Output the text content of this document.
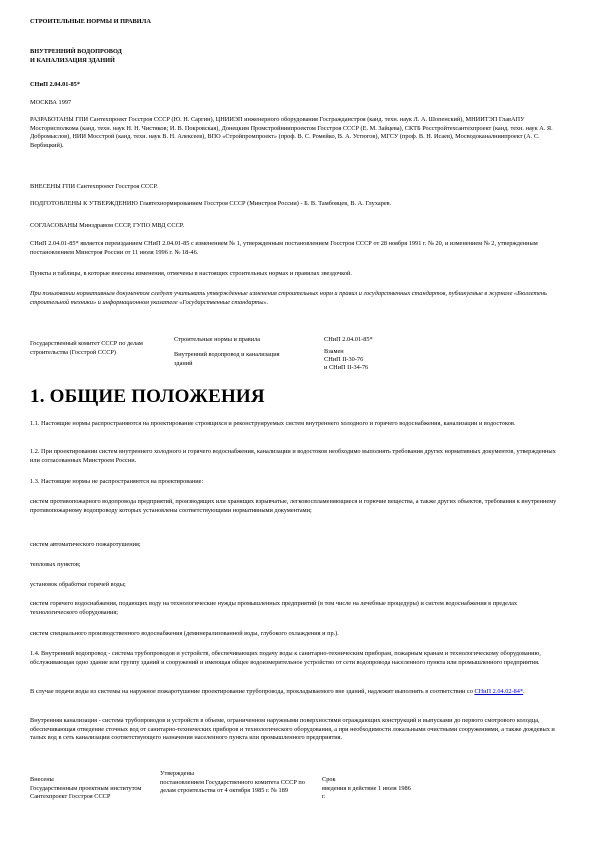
СТРОИТЕЛЬНЫЕ НОРМЫ И ПРАВИЛА
ВНУТРЕННИЙ ВОДОПРОВОД
И КАНАЛИЗАЦИЯ ЗДАНИЙ
СНиП 2.04.01-85*
МОСКВА 1997

РАЗРАБОТАНЫ ГПИ Сантехпроект Госстроя СССР (Ю. Н. Саргин), ЦНИИЭП инженерного оборудования Госгражданстроя (канд. техн. наук Л. А. Шопенский), МНИИТЭП ГлавАПУ Мосгорисполкома (канд. техн. наук Н. Н. Чистяков; И. В. Покровская), Донецким Промстройниипроектом Госстроя СССР (Е. М. Зайцева), СКТБ Росстройтехсантехпроект (канд. техн. наук А. Я. Добромыслов), НИИ Мосстрой (канд. техн. наук В. Н. Алексеев), ВПО «Стройпромпроект» (проф. В. С. Ромейко, В. А. Устюгов), МГСУ (проф. В. Н. Исаев), Мосводоканалниипроект (А. С. Вербицкий).

ВНЕСЕНЫ ГПИ Сантехпроект Госстроя СССР.

ПОДГОТОВЛЕНЫ К УТВЕРЖДЕНИЮ Главтехнормированием Госстроя СССР (Минстроя России) - Б. В. Тамбовцев, В. А. Глухарев.

СОГЛАСОВАНЫ Минздравом СССР, ГУПО МВД СССР.

СНиП 2.04.01-85* является переизданием СНиП 2.04.01-85 с изменением № 1, утвержденным постановлением Госстроя СССР от 28 ноября 1991 г. № 20, и изменением № 2, утвержденным постановлением Минстроя России от 11 июля 1996 г. № 18-46.

Пункты и таблицы, в которые внесены изменения, отмечены в настоящих строительных нормах и правилах звездочкой.

При пользовании нормативным документом следует учитывать утвержденные изменения строительных норм и правил и государственных стандартов, публикуемые в журнале «Бюллетень строительной техники» и информационном указателе «Государственные стандарты».

Государственный комитет СССР по делам строительства (Госстрой СССР)
Строительные нормы и правила
Внутренний водопровод и канализация зданий
СНиП 2.04.01-85*
Взамен
СНиП II-30-76
и СНиП II-34-76
1. ОБЩИЕ ПОЛОЖЕНИЯ

1.1. Настоящие нормы распространяются на проектирование строящихся и реконструируемых систем внутреннего холодного и горячего водоснабжения, канализации и водостоков.

1.2. При проектировании систем внутреннего холодного и горячего водоснабжения, канализации и водостоков необходимо выполнять требования других нормативных документов, утвержденных или согласованных Минстроем России.

1.3. Настоящие нормы не распространяются на проектирование:

систем противопожарного водопровода предприятий, производящих или хранящих взрывчатые, легковоспламеняющиеся и горючие вещества, а также других объектов, требования к внутреннему противопожарному водопроводу которых установлены соответствующими нормативными документами;

систем автоматического пожаротушения;

тепловых пунктов;

установок обработки горячей воды;

систем горячего водоснабжения, подающих воду на технологические нужды промышленных предприятий (в том числе на лечебные процедуры) и систем водоснабжения в пределах технологического оборудования;

систем специального производственного водоснабжения (деминерализованной воды, глубокого охлаждения и пр.).

1.4. Внутренний водопровод - система трубопроводов и устройств, обеспечивающих подачу воды к санитарно-техническим приборам, пожарным кранам и технологическому оборудованию, обслуживающая одно здание или группу зданий и сооружений и имеющая общее водоизмерительное устройство от сети водопровода населенного пункта или промышленного предприятия.

В случае подачи воды из системы на наружное пожаротушение проектирование трубопровода, прокладываемого вне зданий, надлежит выполнять в соответствии со СНиП 2.04.02-84*.

Внутренняя канализация - система трубопроводов и устройств в объеме, ограниченном наружными поверхностями ограждающих конструкций и выпусками до первого смотрового колодца, обеспечивающая отведение сточных вод от санитарно-технических приборов и технологического оборудования, а при необходимости локальными очистными сооружениями, а также дождевых и талых вод в сеть канализации соответствующего назначения населенного пункта или промышленного предприятия.

Внесены
Государственным проектным институтом Сантехпроект Госстроя СССР
Утверждены
постановлением Государственного комитета СССР по делам строительства от 4 октября 1985 г. № 189
Срок
введения в действие 1 июля 1986 г.
